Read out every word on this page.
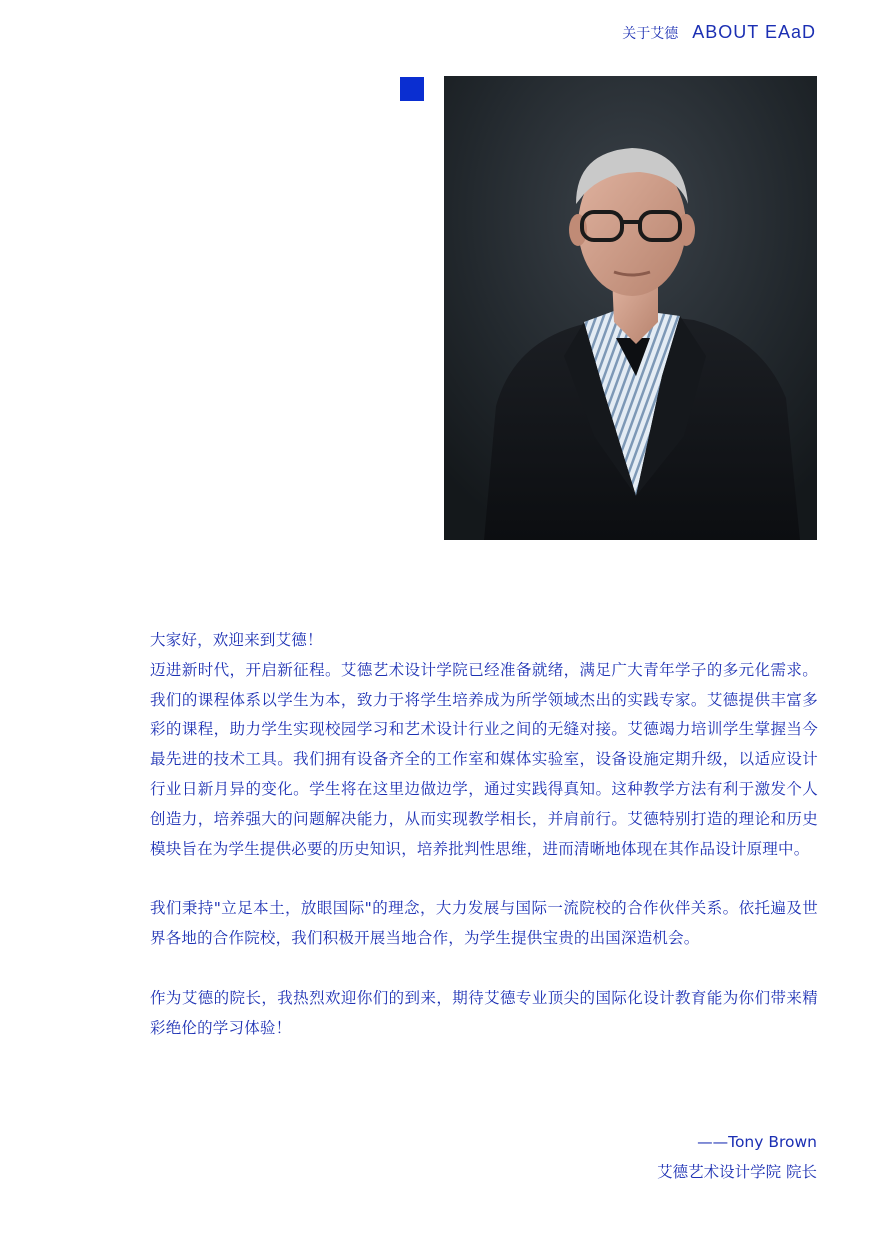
关于艾德 ABOUT EAaD

大家好，欢迎来到艾德！

迈进新时代，开启新征程。艾德艺术设计学院已经准备就绪，满足广大青年学子的多元化需求。我们的课程体系以学生为本，致力于将学生培养成为所学领域杰出的实践专家。艾德提供丰富多彩的课程，助力学生实现校园学习和艺术设计行业之间的无缝对接。艾德竭力培训学生掌握当今最先进的技术工具。我们拥有设备齐全的工作室和媒体实验室，设备设施定期升级，以适应设计行业日新月异的变化。学生将在这里边做边学，通过实践得真知。这种教学方法有利于激发个人创造力，培养强大的问题解决能力，从而实现教学相长，并肩前行。艾德特别打造的理论和历史模块旨在为学生提供必要的历史知识，培养批判性思维，进而清晰地体现在其作品设计原理中。

我们秉持"立足本土，放眼国际"的理念，大力发展与国际一流院校的合作伙伴关系。依托遍及世界各地的合作院校，我们积极开展当地合作，为学生提供宝贵的出国深造机会。

作为艾德的院长，我热烈欢迎你们的到来，期待艾德专业顶尖的国际化设计教育能为你们带来精彩绝伦的学习体验！

——Tony Brown
艾德艺术设计学院 院长
